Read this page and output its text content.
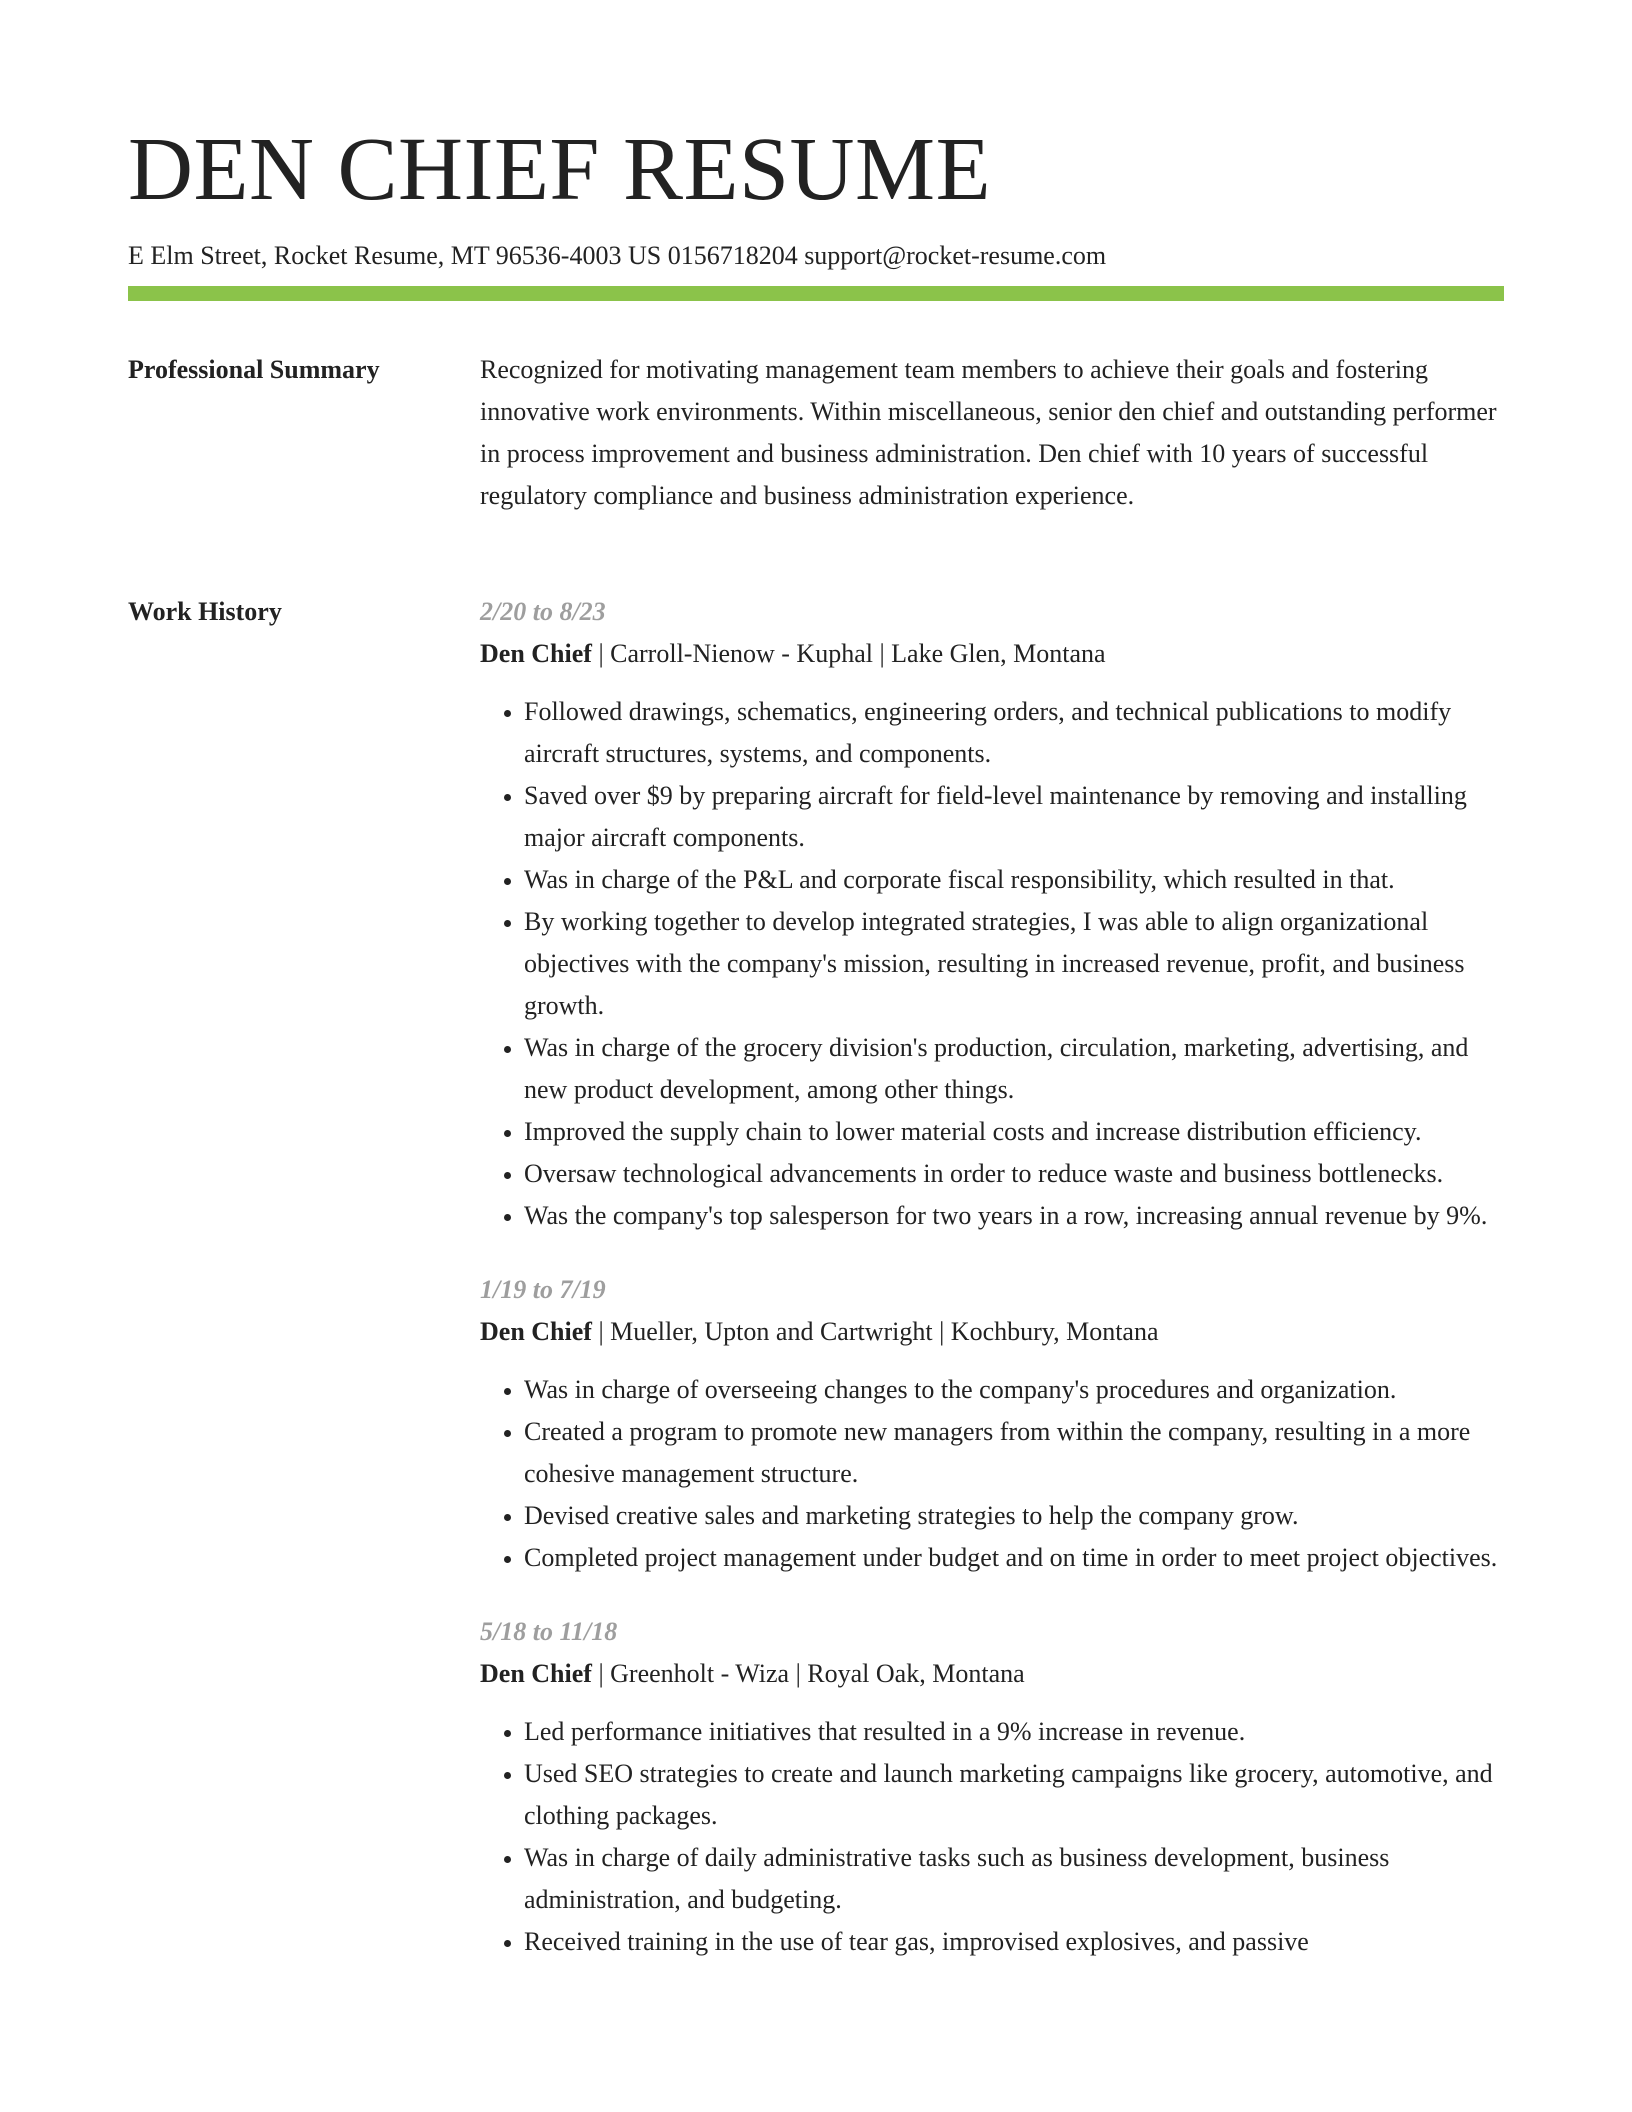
DEN CHIEF RESUME
E Elm Street, Rocket Resume, MT 96536-4003 US 0156718204 support@rocket-resume.com
Professional Summary	Recognized for motivating management team members to achieve their goals and fostering innovative work environments. Within miscellaneous, senior den chief and outstanding performer in process improvement and business administration. Den chief with 10 years of successful regulatory compliance and business administration experience.

Work History	2/20 to 8/23
Den Chief | Carroll-Nienow - Kuphal | Lake Glen, Montana
• Followed drawings, schematics, engineering orders, and technical publications to modify aircraft structures, systems, and components.
• Saved over $9 by preparing aircraft for field-level maintenance by removing and installing major aircraft components.
• Was in charge of the P&L and corporate fiscal responsibility, which resulted in that.
• By working together to develop integrated strategies, I was able to align organizational objectives with the company's mission, resulting in increased revenue, profit, and business growth.
• Was in charge of the grocery division's production, circulation, marketing, advertising, and new product development, among other things.
• Improved the supply chain to lower material costs and increase distribution efficiency.
• Oversaw technological advancements in order to reduce waste and business bottlenecks.
• Was the company's top salesperson for two years in a row, increasing annual revenue by 9%.
1/19 to 7/19
Den Chief | Mueller, Upton and Cartwright | Kochbury, Montana
• Was in charge of overseeing changes to the company's procedures and organization.
• Created a program to promote new managers from within the company, resulting in a more cohesive management structure.
• Devised creative sales and marketing strategies to help the company grow.
• Completed project management under budget and on time in order to meet project objectives.
5/18 to 11/18
Den Chief | Greenholt - Wiza | Royal Oak, Montana
• Led performance initiatives that resulted in a 9% increase in revenue.
• Used SEO strategies to create and launch marketing campaigns like grocery, automotive, and clothing packages.
• Was in charge of daily administrative tasks such as business development, business administration, and budgeting.
• Received training in the use of tear gas, improvised explosives, and passive
